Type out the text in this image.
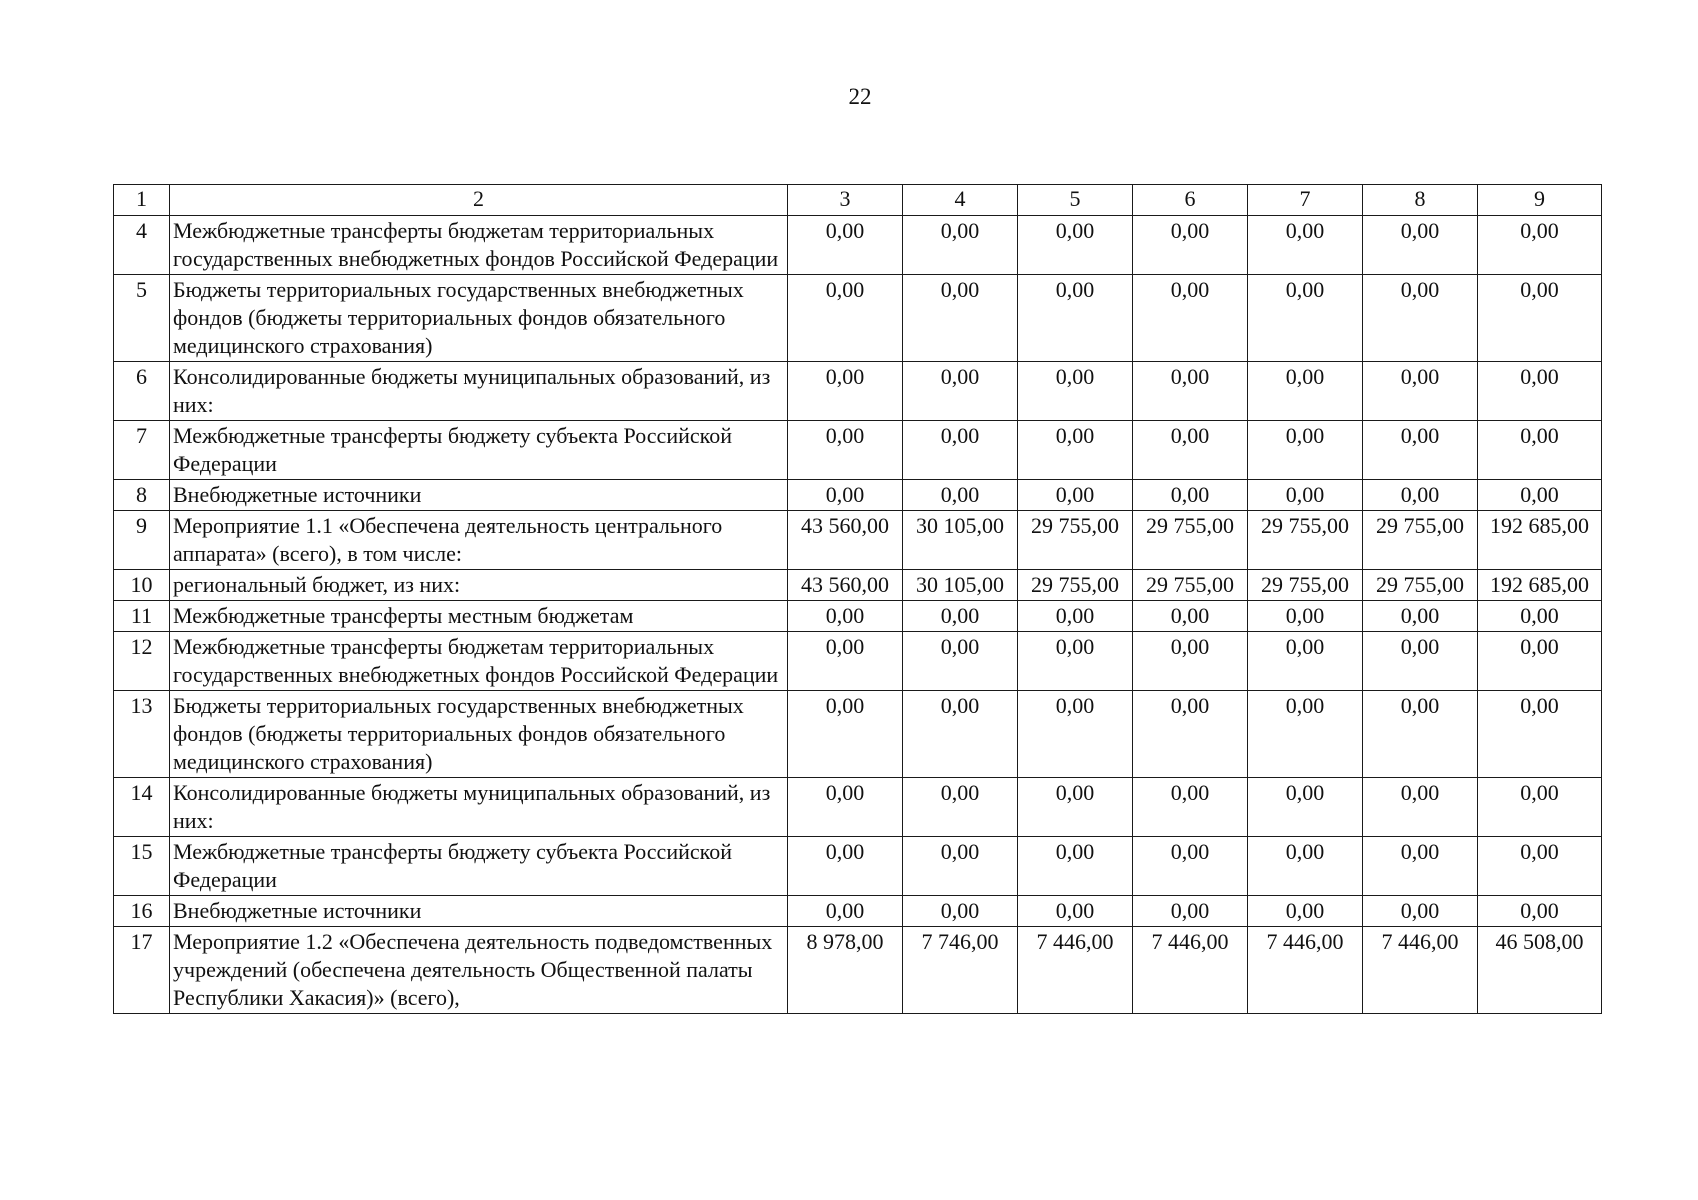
22
1	2	3	4	5	6	7	8	9
4	Межбюджетные трансферты бюджетам территориальных государственных внебюджетных фондов Российской Федерации	0,00	0,00	0,00	0,00	0,00	0,00	0,00
5	Бюджеты территориальных государственных внебюджетных фондов (бюджеты территориальных фондов обязательного медицинского страхования)	0,00	0,00	0,00	0,00	0,00	0,00	0,00
6	Консолидированные бюджеты муниципальных образований, из них:	0,00	0,00	0,00	0,00	0,00	0,00	0,00
7	Межбюджетные трансферты бюджету субъекта Российской Федерации	0,00	0,00	0,00	0,00	0,00	0,00	0,00
8	Внебюджетные источники	0,00	0,00	0,00	0,00	0,00	0,00	0,00
9	Мероприятие 1.1 «Обеспечена деятельность центрального аппарата» (всего), в том числе:	43 560,00	30 105,00	29 755,00	29 755,00	29 755,00	29 755,00	192 685,00
10	региональный бюджет, из них:	43 560,00	30 105,00	29 755,00	29 755,00	29 755,00	29 755,00	192 685,00
11	Межбюджетные трансферты местным бюджетам	0,00	0,00	0,00	0,00	0,00	0,00	0,00
12	Межбюджетные трансферты бюджетам территориальных государственных внебюджетных фондов Российской Федерации	0,00	0,00	0,00	0,00	0,00	0,00	0,00
13	Бюджеты территориальных государственных внебюджетных фондов (бюджеты территориальных фондов обязательного медицинского страхования)	0,00	0,00	0,00	0,00	0,00	0,00	0,00
14	Консолидированные бюджеты муниципальных образований, из них:	0,00	0,00	0,00	0,00	0,00	0,00	0,00
15	Межбюджетные трансферты бюджету субъекта Российской Федерации	0,00	0,00	0,00	0,00	0,00	0,00	0,00
16	Внебюджетные источники	0,00	0,00	0,00	0,00	0,00	0,00	0,00
17	Мероприятие 1.2 «Обеспечена деятельность подведомственных учреждений (обеспечена деятельность Общественной палаты Республики Хакасия)» (всего),	8 978,00	7 746,00	7 446,00	7 446,00	7 446,00	7 446,00	46 508,00
